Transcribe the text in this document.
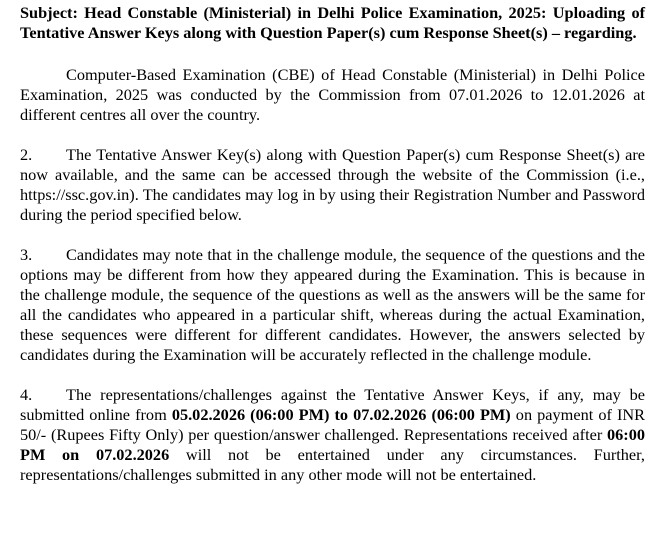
Subject: Head Constable (Ministerial) in Delhi Police Examination, 2025: Uploading of Tentative Answer Keys along with Question Paper(s) cum Response Sheet(s) – regarding.
Computer-Based Examination (CBE) of Head Constable (Ministerial) in Delhi Police Examination, 2025 was conducted by the Commission from 07.01.2026 to 12.01.2026 at different centres all over the country.
2. The Tentative Answer Key(s) along with Question Paper(s) cum Response Sheet(s) are now available, and the same can be accessed through the website of the Commission (i.e., https://ssc.gov.in). The candidates may log in by using their Registration Number and Password during the period specified below.
3. Candidates may note that in the challenge module, the sequence of the questions and the options may be different from how they appeared during the Examination. This is because in the challenge module, the sequence of the questions as well as the answers will be the same for all the candidates who appeared in a particular shift, whereas during the actual Examination, these sequences were different for different candidates. However, the answers selected by candidates during the Examination will be accurately reflected in the challenge module.
4. The representations/challenges against the Tentative Answer Keys, if any, may be submitted online from 05.02.2026 (06:00 PM) to 07.02.2026 (06:00 PM) on payment of INR 50/- (Rupees Fifty Only) per question/answer challenged. Representations received after 06:00 PM on 07.02.2026 will not be entertained under any circumstances. Further, representations/challenges submitted in any other mode will not be entertained.
